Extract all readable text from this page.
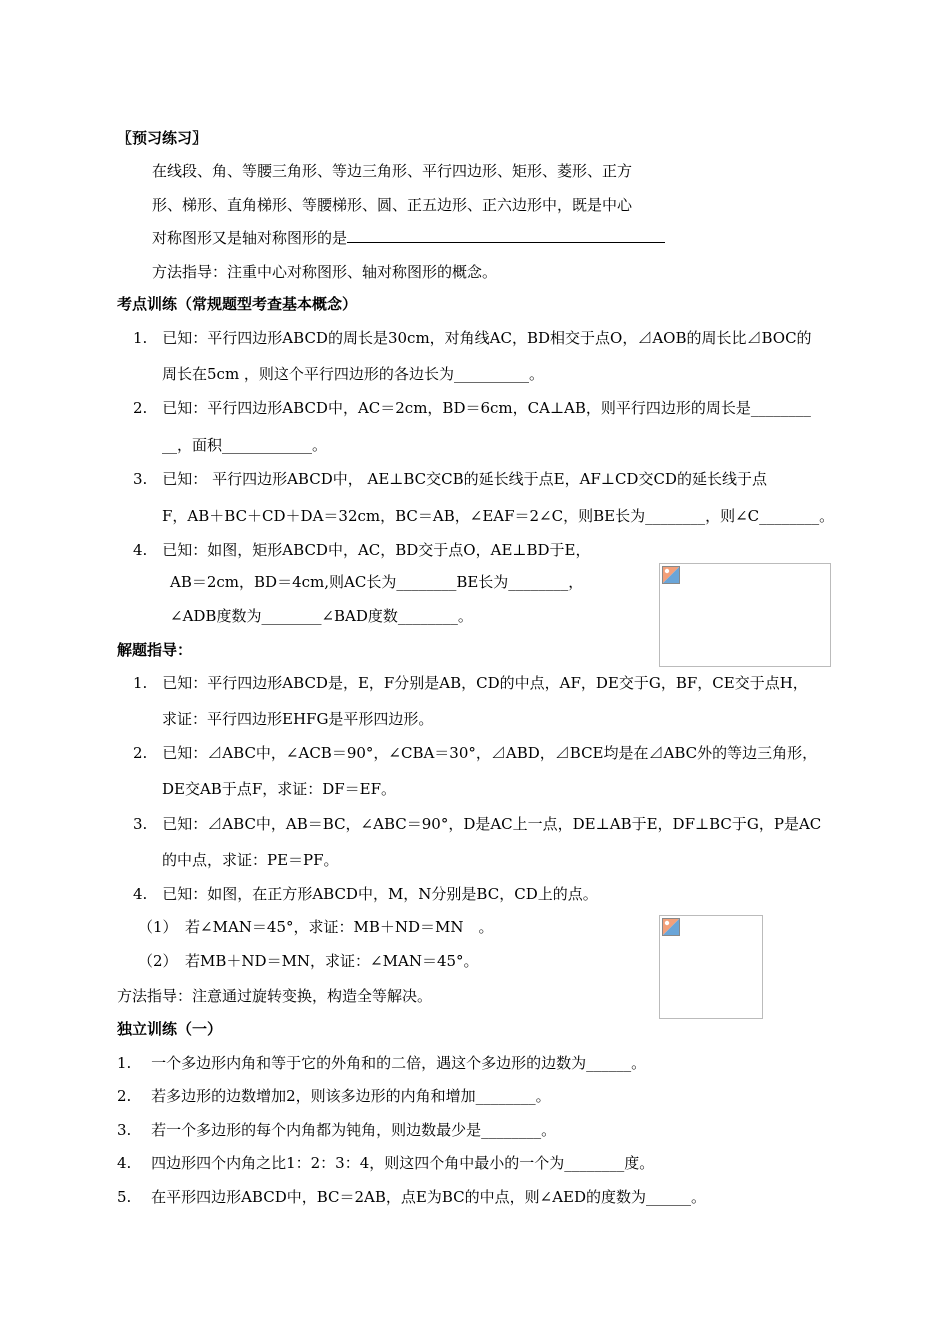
〖预习练习〗
在线段、角、等腰三角形、等边三角形、平行四边形、矩形、菱形、正方
形、梯形、直角梯形、等腰梯形、圆、正五边形、正六边形中，既是中心
对称图形又是轴对称图形的是
方法指导：注重中心对称图形、轴对称图形的概念。
考点训练（常规题型考查基本概念）
1.　已知：平行四边形ABCD的周长是30cm，对角线AC，BD相交于点O，⊿AOB的周长比⊿BOC的
周长在5cm ，则这个平行四边形的各边长为__________。
2.　已知：平行四边形ABCD中，AC＝2cm，BD＝6cm，CA⊥AB，则平行四边形的周长是________
__，面积____________。
3.　已知： 平行四边形ABCD中， AE⊥BC交CB的延长线于点E，AF⊥CD交CD的延长线于点
F，AB＋BC＋CD＋DA＝32cm，BC＝AB，∠EAF＝2∠C，则BE长为________，则∠C________。
4.　已知：如图，矩形ABCD中，AC，BD交于点O，AE⊥BD于E，
AB＝2cm，BD＝4cm,则AC长为________BE长为________，
∠ADB度数为________∠BAD度数________。
解题指导：
1.　已知：平行四边形ABCD是，E，F分别是AB，CD的中点，AF，DE交于G，BF，CE交于点H，
求证：平行四边形EHFG是平形四边形。
2.　已知：⊿ABC中，∠ACB＝90°，∠CBA＝30°，⊿ABD，⊿BCE均是在⊿ABC外的等边三角形，
DE交AB于点F，求证：DF＝EF。
3.　已知：⊿ABC中，AB＝BC，∠ABC＝90°，D是AC上一点，DE⊥AB于E，DF⊥BC于G，P是AC
的中点，求证：PE＝PF。
4.　已知：如图，在正方形ABCD中，M，N分别是BC，CD上的点。
（1）　若∠MAN＝45°，求证：MB＋ND＝MN　。
（2）　若MB＋ND＝MN，求证：∠MAN＝45°。
方法指导：注意通过旋转变换，构造全等解决。
独立训练（一）
1.　 一个多边形内角和等于它的外角和的二倍，遇这个多边形的边数为______。
2.　 若多边形的边数增加2，则该多边形的内角和增加________。
3.　 若一个多边形的每个内角都为钝角，则边数最少是________。
4.　 四边形四个内角之比1：2：3：4，则这四个角中最小的一个为________度。
5.　 在平形四边形ABCD中，BC＝2AB，点E为BC的中点，则∠AED的度数为______。
